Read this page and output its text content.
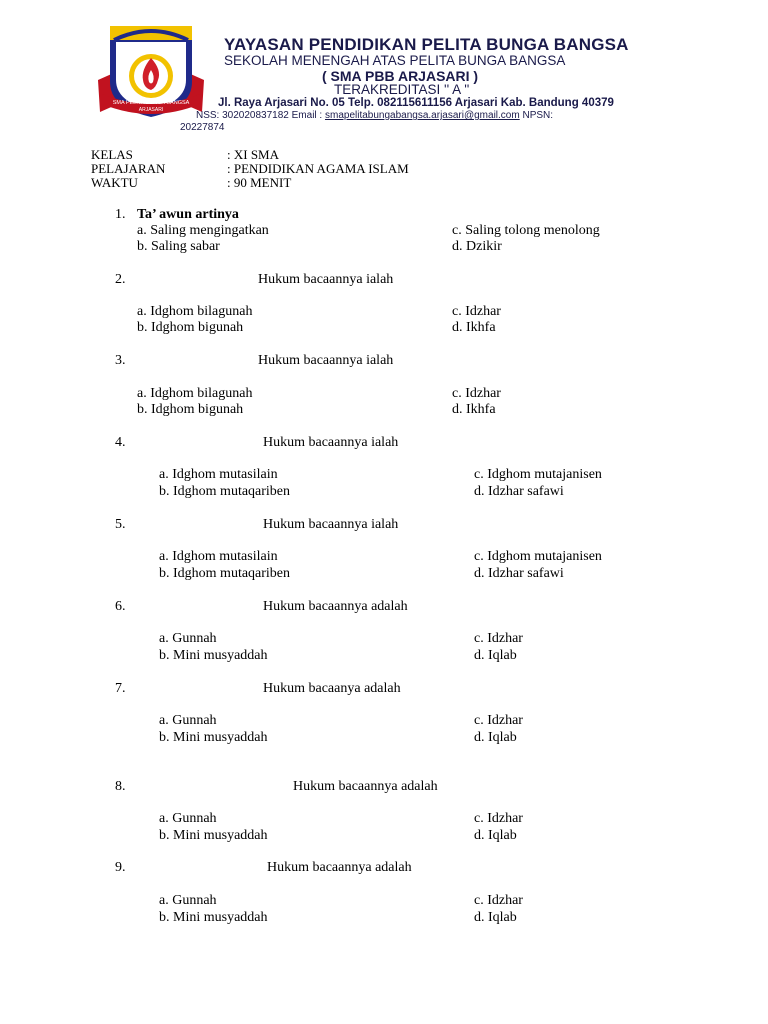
SMA PELITA BUNGA BANGSA
ARJASARI
YAYASAN PENDIDIKAN PELITA BUNGA BANGSA
SEKOLAH MENENGAH ATAS PELITA BUNGA BANGSA
( SMA PBB ARJASARI )
TERAKREDITASI '' A ''
Jl. Raya Arjasari No. 05 Telp. 082115611156 Arjasari Kab. Bandung 40379
NSS: 302020837182 Email : smapelitabungabangsa.arjasari@gmail.com NPSN:
20227874
KELAS	: XI SMA
PELAJARAN	: PENDIDIKAN AGAMA ISLAM
WAKTU	: 90 MENIT
1. Ta’ awun artinya
a. Saling mengingatkan
b. Saling sabar
c. Saling tolong menolong
d. Dzikir
2.	Hukum bacaannya ialah
a. Idghom bilagunah
b. Idghom bigunah
c. Idzhar
d. Ikhfa
3.	Hukum bacaannya ialah
a. Idghom bilagunah
b. Idghom bigunah
c. Idzhar
d. Ikhfa
4.	Hukum bacaannya ialah
a. Idghom mutasilain
b. Idghom mutaqariben
c. Idghom mutajanisen
d. Idzhar safawi
5.	Hukum bacaannya ialah
a. Idghom mutasilain
b. Idghom mutaqariben
c. Idghom mutajanisen
d. Idzhar safawi
6.	Hukum bacaannya adalah
a. Gunnah
b. Mini musyaddah
c. Idzhar
d. Iqlab
7.	Hukum bacaanya adalah
a. Gunnah
b. Mini musyaddah
c. Idzhar
d. Iqlab
8.	Hukum bacaannya adalah
a. Gunnah
b. Mini musyaddah
c. Idzhar
d. Iqlab
9.	Hukum bacaannya adalah
a. Gunnah
b. Mini musyaddah
c. Idzhar
d. Iqlab
